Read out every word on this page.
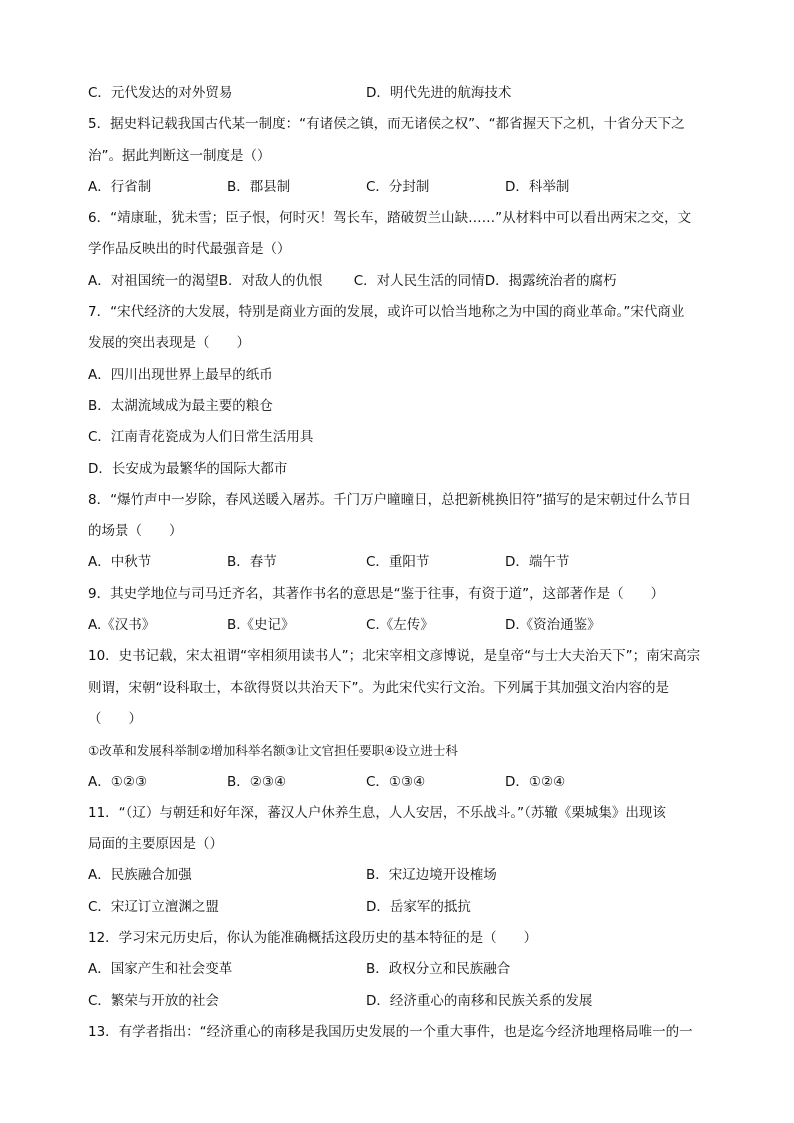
C．元代发达的对外贸易	D．明代先进的航海技术
5．据史料记载我国古代某一制度：“有诸侯之镇，而无诸侯之权”、“都省握天下之机，十省分天下之
治”。据此判断这一制度是（）
A．行省制	B．郡县制	C．分封制	D．科举制
6．“靖康耻，犹未雪；臣子恨，何时灭！驾长车，踏破贺兰山缺……”从材料中可以看出两宋之交，文
学作品反映出的时代最强音是（）
A．对祖国统一的渴望 B．对敌人的仇恨	C．对人民生活的同情 D．揭露统治者的腐朽
7．“宋代经济的大发展，特别是商业方面的发展，或许可以恰当地称之为中国的商业革命。”宋代商业
发展的突出表现是（　　）
A．四川出现世界上最早的纸币
B．太湖流域成为最主要的粮仓
C．江南青花瓷成为人们日常生活用具
D．长安成为最繁华的国际大都市
8．“爆竹声中一岁除，春风送暖入屠苏。千门万户曈曈日，总把新桃换旧符”描写的是宋朝过什么节日
的场景（　　）
A．中秋节	B．春节	C．重阳节	D．端午节
9．其史学地位与司马迁齐名，其著作书名的意思是“鉴于往事，有资于道”，这部著作是（　　）
A.《汉书》	B.《史记》	C.《左传》	D.《资治通鉴》
10．史书记载，宋太祖谓“宰相须用读书人”；北宋宰相文彦博说，是皇帝“与士大夫治天下”；南宋高宗
则谓，宋朝“设科取士，本欲得贤以共治天下”。为此宋代实行文治。下列属于其加强文治内容的是
（　　）
①改革和发展科举制②增加科举名额③让文官担任要职④设立进士科
A．①②③	B．②③④	C．①③④	D．①②④
11．“（辽）与朝廷和好年深，蕃汉人户休养生息，人人安居，不乐战斗。”（苏辙《栗城集》出现该
局面的主要原因是（）
A．民族融合加强	B．宋辽边境开设榷场
C．宋辽订立澶渊之盟	D．岳家军的抵抗
12．学习宋元历史后，你认为能准确概括这段历史的基本特征的是（　　）
A．国家产生和社会变革	B．政权分立和民族融合
C．繁荣与开放的社会	D．经济重心的南移和民族关系的发展
13．有学者指出：“经济重心的南移是我国历史发展的一个重大事件，也是迄今经济地理格局唯一的一
